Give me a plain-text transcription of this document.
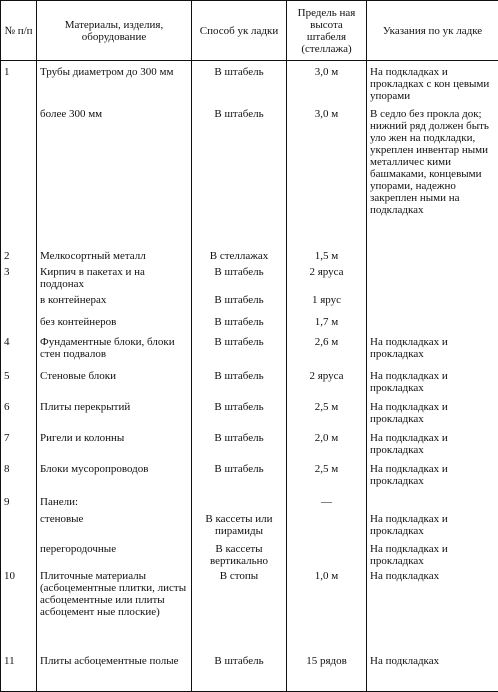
№ п/п	Материалы, изделия, оборудование	Способ ук ладки	Предель ная высота штабеля (стеллажа)	Указания по ук ладке
1	Трубы диаметром до 300 мм	В штабель	3,0 м	На подкладках и прокладках с кон цевыми упорами
	более 300 мм	В штабель	3,0 м	В седло без прокла док; нижний ряд должен быть уло жен на подкладки, укреплен инвентар ными металличес кими башмаками, концевыми упорами, надежно закреплен ными на подкладках
2	Мелкосортный металл	В стеллажах	1,5 м	
3	Кирпич в пакетах и на поддонах	В штабель	2 яруса	
	в контейнерах	В штабель	1 ярус	
	без контейнеров	В штабель	1,7 м	
4	Фундаментные блоки, блоки стен подвалов	В штабель	2,6 м	На подкладках и прокладках
5	Стеновые блоки	В штабель	2 яруса	На подкладках и прокладках
6	Плиты перекрытий	В штабель	2,5 м	На подкладках и прокладках
7	Ригели и колонны	В штабель	2,0 м	На подкладках и прокладках
8	Блоки мусоропроводов	В штабель	2,5 м	На подкладках и прокладках
9	Панели:		—	
	стеновые	В кассеты или пирамиды		На подкладках и прокладках
	перегородочные	В кассеты вертикально		На подкладках и прокладках
10	Плиточные материалы (асбоцементные плитки, листы асбоцементные или плиты асбоцемент ные плоские)	В стопы	1,0 м	На подкладках
11	Плиты асбоцементные полые	В штабель	15 рядов	На подкладках
